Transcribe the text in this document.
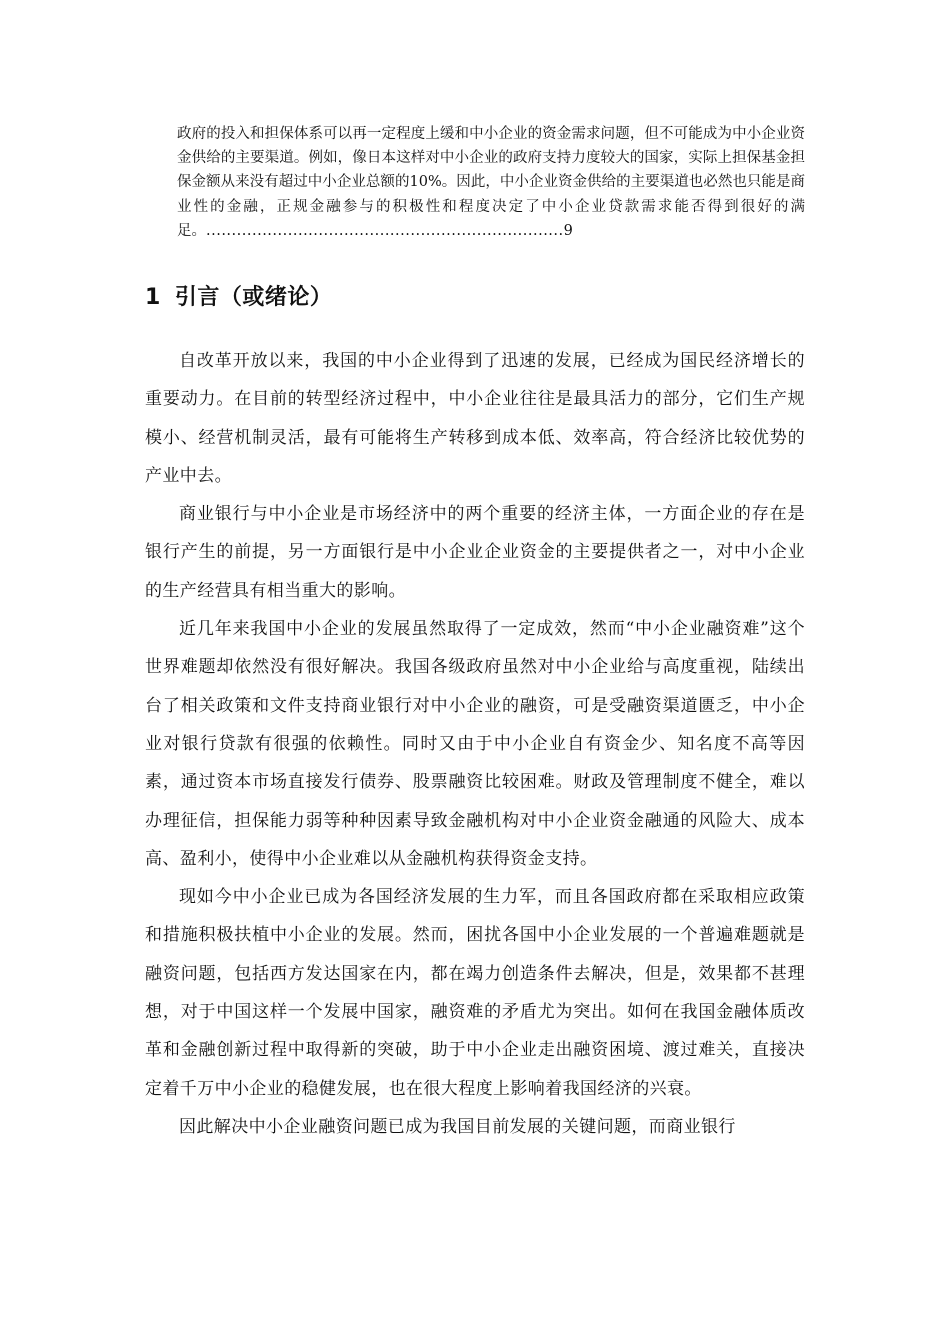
政府的投入和担保体系可以再一定程度上缓和中小企业的资金需求问题，但不可能成为中小企业资金供给的主要渠道。例如，像日本这样对中小企业的政府支持力度较大的国家，实际上担保基金担保金额从来没有超过中小企业总额的10%。因此，中小企业资金供给的主要渠道也必然也只能是商业性的金融，正规金融参与的积极性和程度决定了中小企业贷款需求能否得到很好的满足。......................................................................9
1 引言（或绪论）

自改革开放以来，我国的中小企业得到了迅速的发展，已经成为国民经济增长的重要动力。在目前的转型经济过程中，中小企业往往是最具活力的部分，它们生产规模小、经营机制灵活，最有可能将生产转移到成本低、效率高，符合经济比较优势的产业中去。

商业银行与中小企业是市场经济中的两个重要的经济主体，一方面企业的存在是银行产生的前提，另一方面银行是中小企业企业资金的主要提供者之一，对中小企业的生产经营具有相当重大的影响。

近几年来我国中小企业的发展虽然取得了一定成效，然而“中小企业融资难”这个世界难题却依然没有很好解决。我国各级政府虽然对中小企业给与高度重视，陆续出台了相关政策和文件支持商业银行对中小企业的融资，可是受融资渠道匮乏，中小企业对银行贷款有很强的依赖性。同时又由于中小企业自有资金少、知名度不高等因素，通过资本市场直接发行债券、股票融资比较困难。财政及管理制度不健全，难以办理征信，担保能力弱等种种因素导致金融机构对中小企业资金融通的风险大、成本高、盈利小，使得中小企业难以从金融机构获得资金支持。

现如今中小企业已成为各国经济发展的生力军，而且各国政府都在采取相应政策和措施积极扶植中小企业的发展。然而，困扰各国中小企业发展的一个普遍难题就是融资问题，包括西方发达国家在内，都在竭力创造条件去解决，但是，效果都不甚理想，对于中国这样一个发展中国家，融资难的矛盾尤为突出。如何在我国金融体质改革和金融创新过程中取得新的突破，助于中小企业走出融资困境、渡过难关，直接决定着千万中小企业的稳健发展，也在很大程度上影响着我国经济的兴衰。

因此解决中小企业融资问题已成为我国目前发展的关键问题，而商业银行
